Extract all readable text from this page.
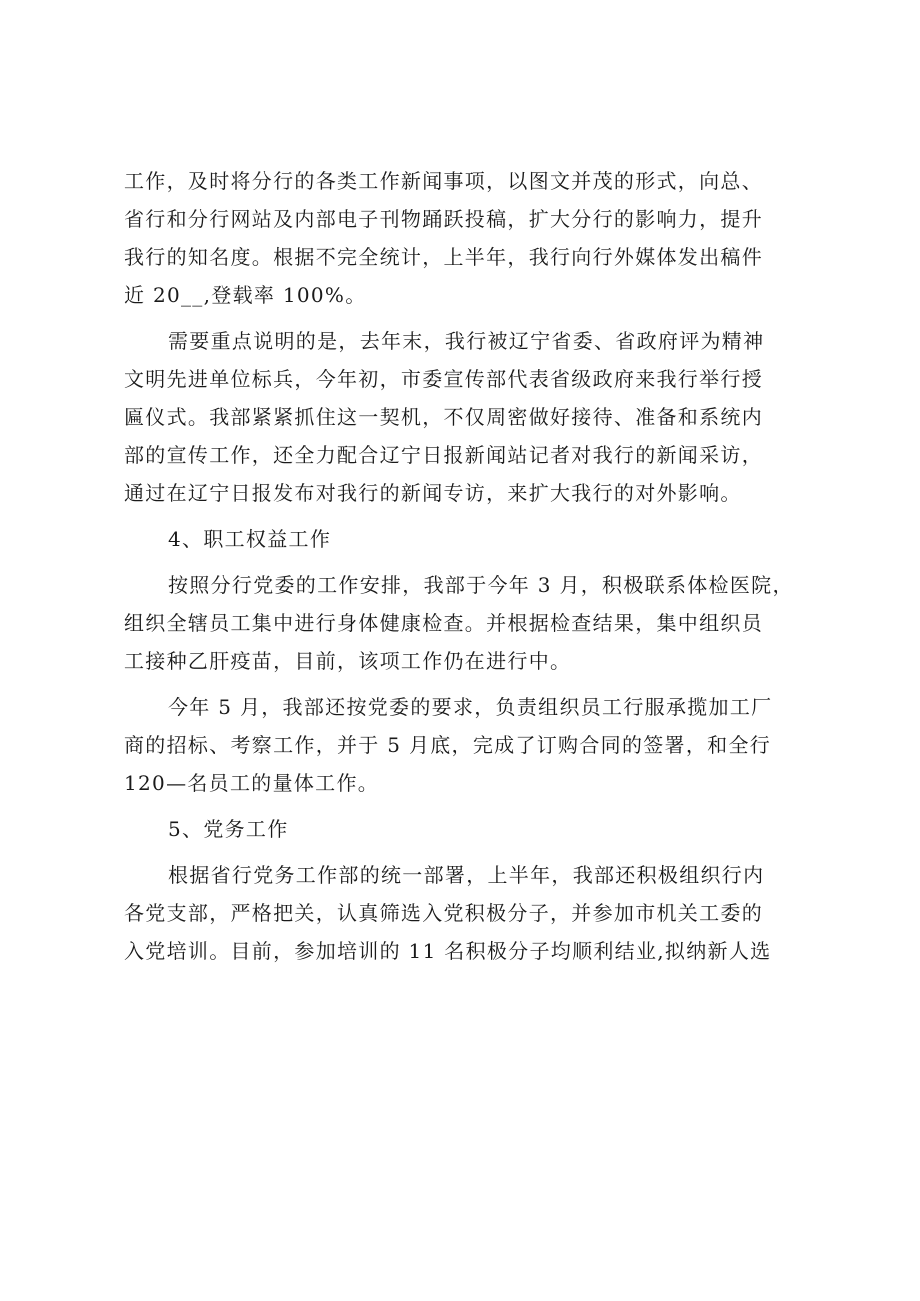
工作，及时将分行的各类工作新闻事项，以图文并茂的形式，向总、
省行和分行网站及内部电子刊物踊跃投稿，扩大分行的影响力，提升
我行的知名度。根据不完全统计，上半年，我行向行外媒体发出稿件
近 20__,登载率 100%。
需要重点说明的是，去年末，我行被辽宁省委、省政府评为精神
文明先进单位标兵，今年初，市委宣传部代表省级政府来我行举行授
匾仪式。我部紧紧抓住这一契机，不仅周密做好接待、准备和系统内
部的宣传工作，还全力配合辽宁日报新闻站记者对我行的新闻采访，
通过在辽宁日报发布对我行的新闻专访，来扩大我行的对外影响。
4、职工权益工作
按照分行党委的工作安排，我部于今年 3 月，积极联系体检医院，
组织全辖员工集中进行身体健康检查。并根据检查结果，集中组织员
工接种乙肝疫苗，目前，该项工作仍在进行中。
今年 5 月，我部还按党委的要求，负责组织员工行服承揽加工厂
商的招标、考察工作，并于 5 月底，完成了订购合同的签署，和全行
120—名员工的量体工作。
5、党务工作
根据省行党务工作部的统一部署，上半年，我部还积极组织行内
各党支部，严格把关，认真筛选入党积极分子，并参加市机关工委的
入党培训。目前，参加培训的 11 名积极分子均顺利结业,拟纳新人选
